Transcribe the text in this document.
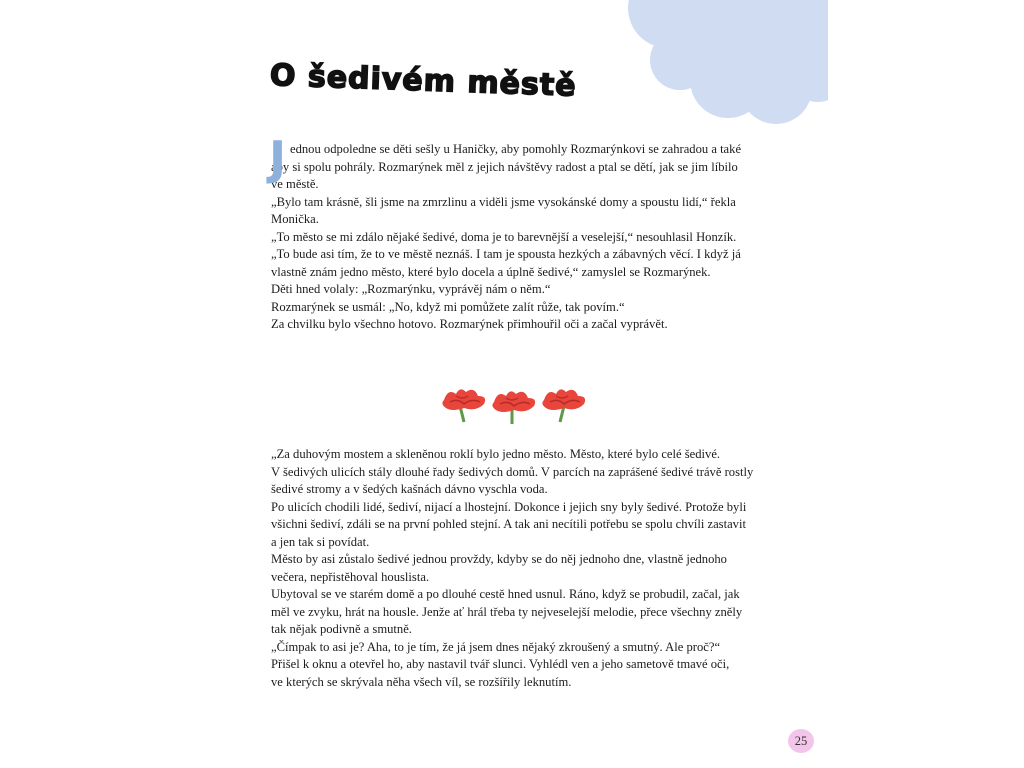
O šedivém městě

J ednou odpoledne se děti sešly u Haničky, aby pomohly Rozmarýnkovi se zahradou a také

aby si spolu pohrály. Rozmarýnek měl z jejich návštěvy radost a ptal se dětí, jak se jim líbilo

ve městě.

„Bylo tam krásně, šli jsme na zmrzlinu a viděli jsme vysokánské domy a spoustu lidí,“ řekla

Monička.

„To město se mi zdálo nějaké šedivé, doma je to barevnější a veselejší,“ nesouhlasil Honzík.

„To bude asi tím, že to ve městě neznáš. I tam je spousta hezkých a zábavných věcí. I když já

vlastně znám jedno město, které bylo docela a úplně šedivé,“ zamyslel se Rozmarýnek.

Děti hned volaly: „Rozmarýnku, vyprávěj nám o něm.“

Rozmarýnek se usmál: „No, když mi pomůžete zalít růže, tak povím.“

Za chvilku bylo všechno hotovo. Rozmarýnek přimhouřil oči a začal vyprávět.

„Za duhovým mostem a skleněnou roklí bylo jedno město. Město, které bylo celé šedivé.

V šedivých ulicích stály dlouhé řady šedivých domů. V parcích na zaprášené šedivé trávě rostly

šedivé stromy a v šedých kašnách dávno vyschla voda.

Po ulicích chodili lidé, šediví, nijací a lhostejní. Dokonce i jejich sny byly šedivé. Protože byli

všichni šediví, zdáli se na první pohled stejní. A tak ani necítili potřebu se spolu chvíli zastavit

a jen tak si povídat.

Město by asi zůstalo šedivé jednou provždy, kdyby se do něj jednoho dne, vlastně jednoho

večera, nepřistěhoval houslista.

Ubytoval se ve starém domě a po dlouhé cestě hned usnul. Ráno, když se probudil, začal, jak

měl ve zvyku, hrát na housle. Jenže ať hrál třeba ty nejveselejší melodie, přece všechny zněly

tak nějak podivně a smutně.

„Čímpak to asi je? Aha, to je tím, že já jsem dnes nějaký zkroušený a smutný. Ale proč?“

Přišel k oknu a otevřel ho, aby nastavil tvář slunci. Vyhlédl ven a jeho sametově tmavé oči,

ve kterých se skrývala něha všech víl, se rozšířily leknutím.

25
